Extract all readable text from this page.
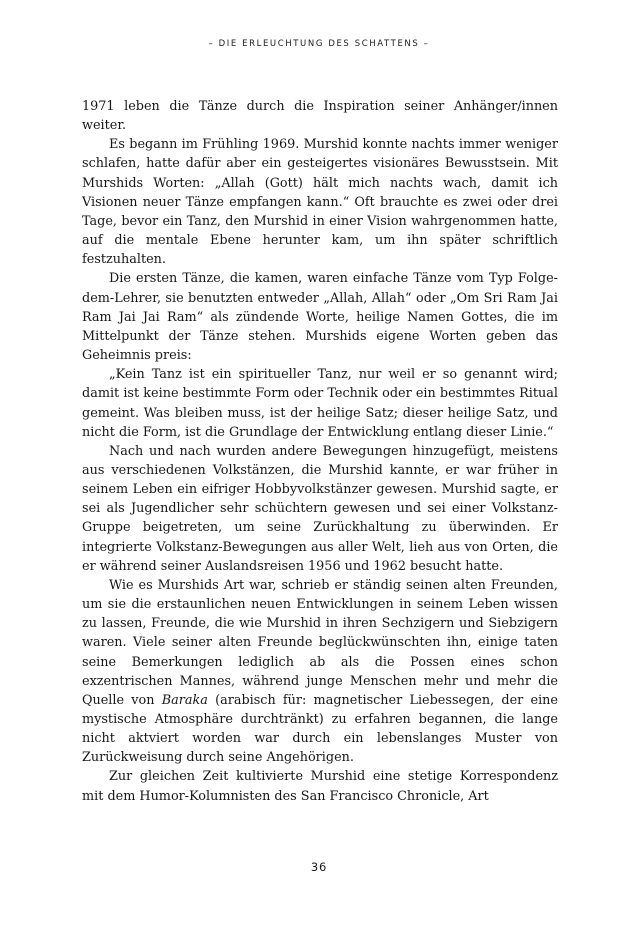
– DIE ERLEUCHTUNG DES SCHATTENS –

1971 leben die Tänze durch die Inspiration seiner Anhänger/innen weiter.

Es begann im Frühling 1969. Murshid konnte nachts immer weniger schlafen, hatte dafür aber ein gesteigertes visionäres Bewusstsein. Mit Murshids Worten: „Allah (Gott) hält mich nachts wach, damit ich Visionen neuer Tänze empfangen kann.“ Oft brauchte es zwei oder drei Tage, bevor ein Tanz, den Murshid in einer Vision wahrgenommen hatte, auf die mentale Ebene herunter kam, um ihn später schriftlich festzuhalten.

Die ersten Tänze, die kamen, waren einfache Tänze vom Typ Folge-dem-Lehrer, sie benutzten entweder „Allah, Allah“ oder „Om Sri Ram Jai Ram Jai Jai Ram“ als zündende Worte, heilige Namen Gottes, die im Mittelpunkt der Tänze stehen. Murshids eigene Worten geben das Geheimnis preis:

„Kein Tanz ist ein spiritueller Tanz, nur weil er so genannt wird; damit ist keine bestimmte Form oder Technik oder ein bestimmtes Ritual gemeint. Was bleiben muss, ist der heilige Satz; dieser heilige Satz, und nicht die Form, ist die Grundlage der Entwicklung entlang dieser Linie.“

Nach und nach wurden andere Bewegungen hinzugefügt, meistens aus verschiedenen Volkstänzen, die Murshid kannte, er war früher in seinem Leben ein eifriger Hobbyvolkstänzer gewesen. Murshid sagte, er sei als Jugendlicher sehr schüchtern gewesen und sei einer Volkstanz-Gruppe beigetreten, um seine Zurückhaltung zu überwinden. Er integrierte Volkstanz-Bewegungen aus aller Welt, lieh aus von Orten, die er während seiner Auslandsreisen 1956 und 1962 besucht hatte.

Wie es Murshids Art war, schrieb er ständig seinen alten Freunden, um sie die erstaunlichen neuen Entwicklungen in seinem Leben wissen zu lassen, Freunde, die wie Murshid in ihren Sechzigern und Siebzigern waren. Viele seiner alten Freunde beglückwünschten ihn, einige taten seine Bemerkungen lediglich ab als die Possen eines schon exzentrischen Mannes, während junge Menschen mehr und mehr die Quelle von Baraka (arabisch für: magnetischer Liebessegen, der eine mystische Atmosphäre durchtränkt) zu erfahren begannen, die lange nicht aktviert worden war durch ein lebenslanges Muster von Zurückweisung durch seine Angehörigen.

Zur gleichen Zeit kultivierte Murshid eine stetige Korrespondenz mit dem Humor-Kolumnisten des San Francisco Chronicle, Art

36
